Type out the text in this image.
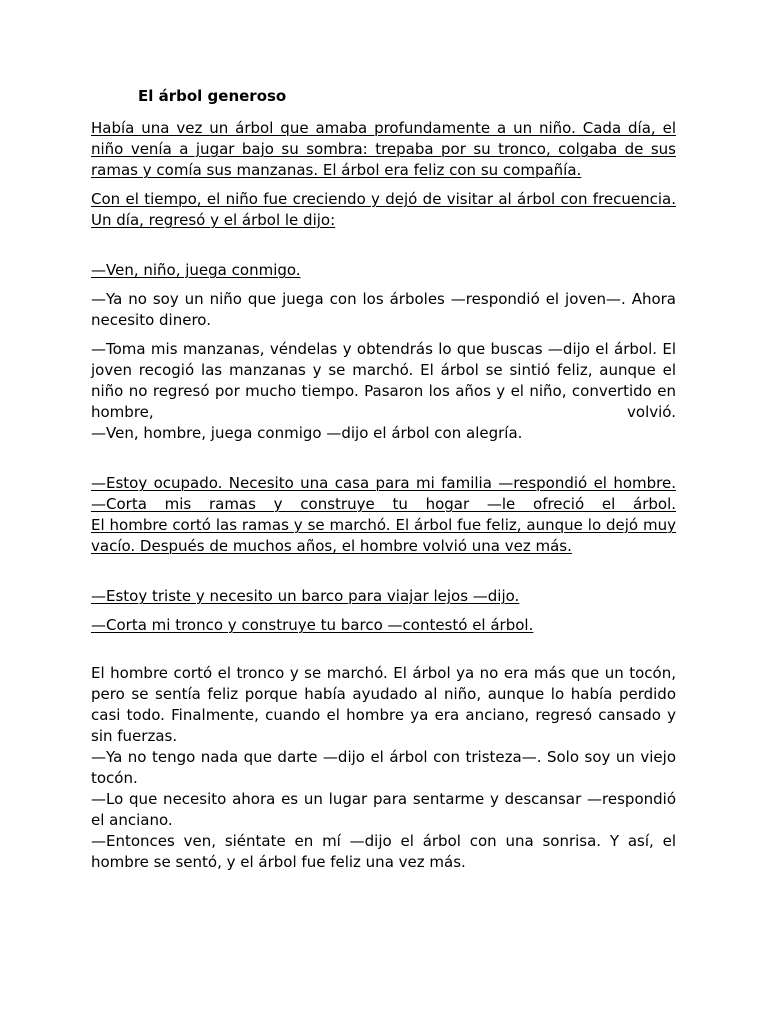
El árbol generoso
Había una vez un árbol que amaba profundamente a un niño. Cada día, el niño venía a jugar bajo su sombra: trepaba por su tronco, colgaba de sus ramas y comía sus manzanas. El árbol era feliz con su compañía.
Con el tiempo, el niño fue creciendo y dejó de visitar al árbol con frecuencia. Un día, regresó y el árbol le dijo:
—Ven, niño, juega conmigo.
—Ya no soy un niño que juega con los árboles —respondió el joven—. Ahora necesito dinero.
—Toma mis manzanas, véndelas y obtendrás lo que buscas —dijo el árbol. El joven recogió las manzanas y se marchó. El árbol se sintió feliz, aunque el niño no regresó por mucho tiempo. Pasaron los años y el niño, convertido en hombre, volvió.
—Ven, hombre, juega conmigo —dijo el árbol con alegría.
—Estoy ocupado. Necesito una casa para mi familia —respondió el hombre.
—Corta mis ramas y construye tu hogar —le ofreció el árbol.
El hombre cortó las ramas y se marchó. El árbol fue feliz, aunque lo dejó muy vacío. Después de muchos años, el hombre volvió una vez más.
—Estoy triste y necesito un barco para viajar lejos —dijo.
—Corta mi tronco y construye tu barco —contestó el árbol.
El hombre cortó el tronco y se marchó. El árbol ya no era más que un tocón, pero se sentía feliz porque había ayudado al niño, aunque lo había perdido casi todo. Finalmente, cuando el hombre ya era anciano, regresó cansado y sin fuerzas.
—Ya no tengo nada que darte —dijo el árbol con tristeza—. Solo soy un viejo tocón.
—Lo que necesito ahora es un lugar para sentarme y descansar —respondió el anciano.
—Entonces ven, siéntate en mí —dijo el árbol con una sonrisa. Y así, el hombre se sentó, y el árbol fue feliz una vez más.
